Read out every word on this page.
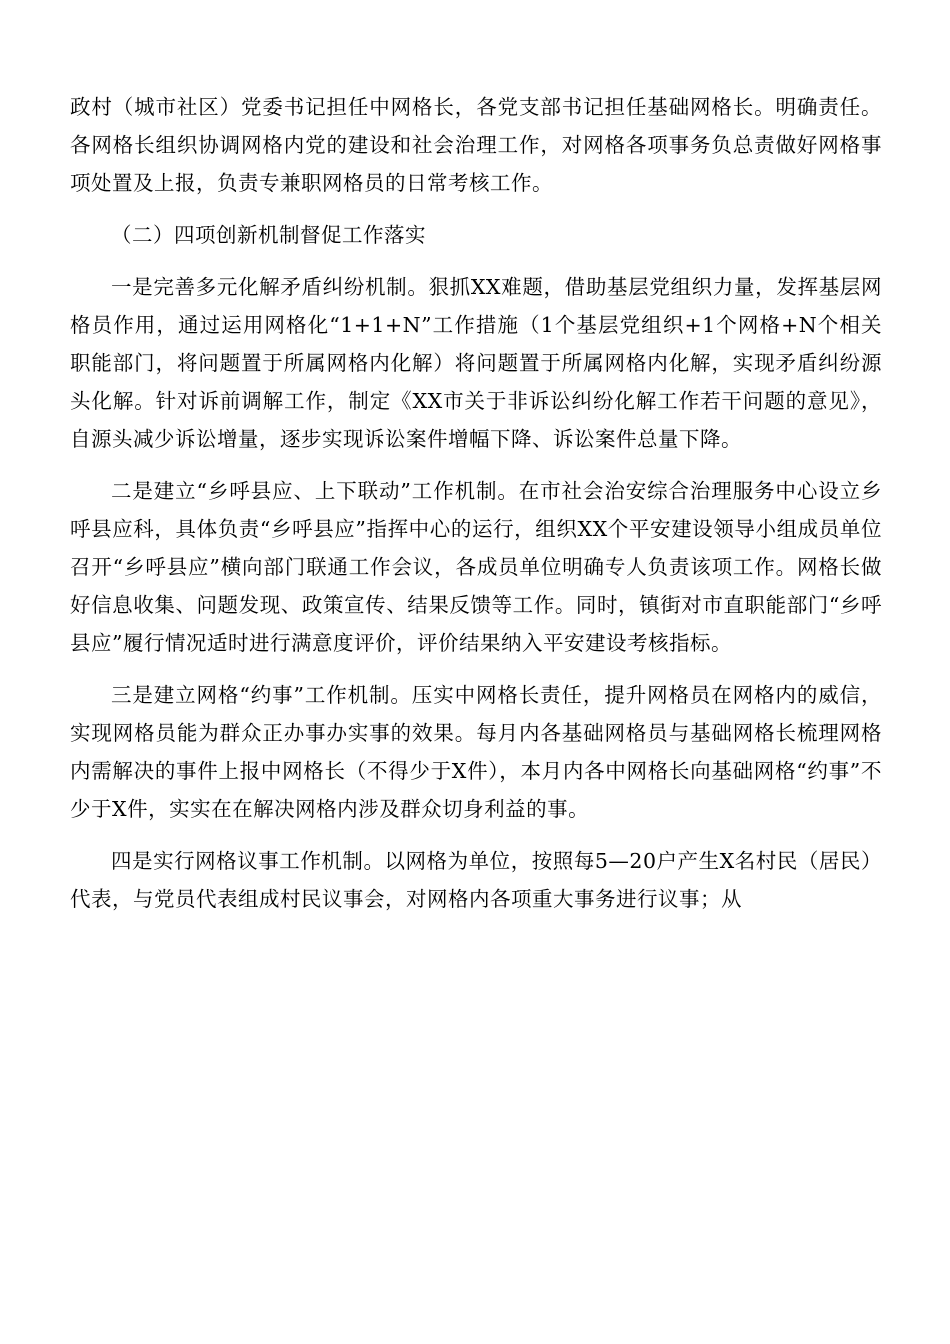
政村（城市社区）党委书记担任中网格长，各党支部书记担任基础网格长。明确责任。各网格长组织协调网格内党的建设和社会治理工作，对网格各项事务负总责做好网格事项处置及上报，负责专兼职网格员的日常考核工作。

（二）四项创新机制督促工作落实

一是完善多元化解矛盾纠纷机制。狠抓XX难题，借助基层党组织力量，发挥基层网格员作用，通过运用网格化“1+1+N”工作措施（1个基层党组织+1个网格+N个相关职能部门，将问题置于所属网格内化解）将问题置于所属网格内化解，实现矛盾纠纷源头化解。针对诉前调解工作，制定《XX市关于非诉讼纠纷化解工作若干问题的意见》，自源头减少诉讼增量，逐步实现诉讼案件增幅下降、诉讼案件总量下降。

二是建立“乡呼县应、上下联动”工作机制。在市社会治安综合治理服务中心设立乡呼县应科，具体负责“乡呼县应”指挥中心的运行，组织XX个平安建设领导小组成员单位召开“乡呼县应”横向部门联通工作会议，各成员单位明确专人负责该项工作。网格长做好信息收集、问题发现、政策宣传、结果反馈等工作。同时，镇街对市直职能部门“乡呼县应”履行情况适时进行满意度评价，评价结果纳入平安建设考核指标。

三是建立网格“约事”工作机制。压实中网格长责任，提升网格员在网格内的威信，实现网格员能为群众正办事办实事的效果。每月内各基础网格员与基础网格长梳理网格内需解决的事件上报中网格长（不得少于X件），本月内各中网格长向基础网格“约事”不少于X件，实实在在解决网格内涉及群众切身利益的事。

四是实行网格议事工作机制。以网格为单位，按照每5—20户产生X名村民（居民）代表，与党员代表组成村民议事会，对网格内各项重大事务进行议事；从
